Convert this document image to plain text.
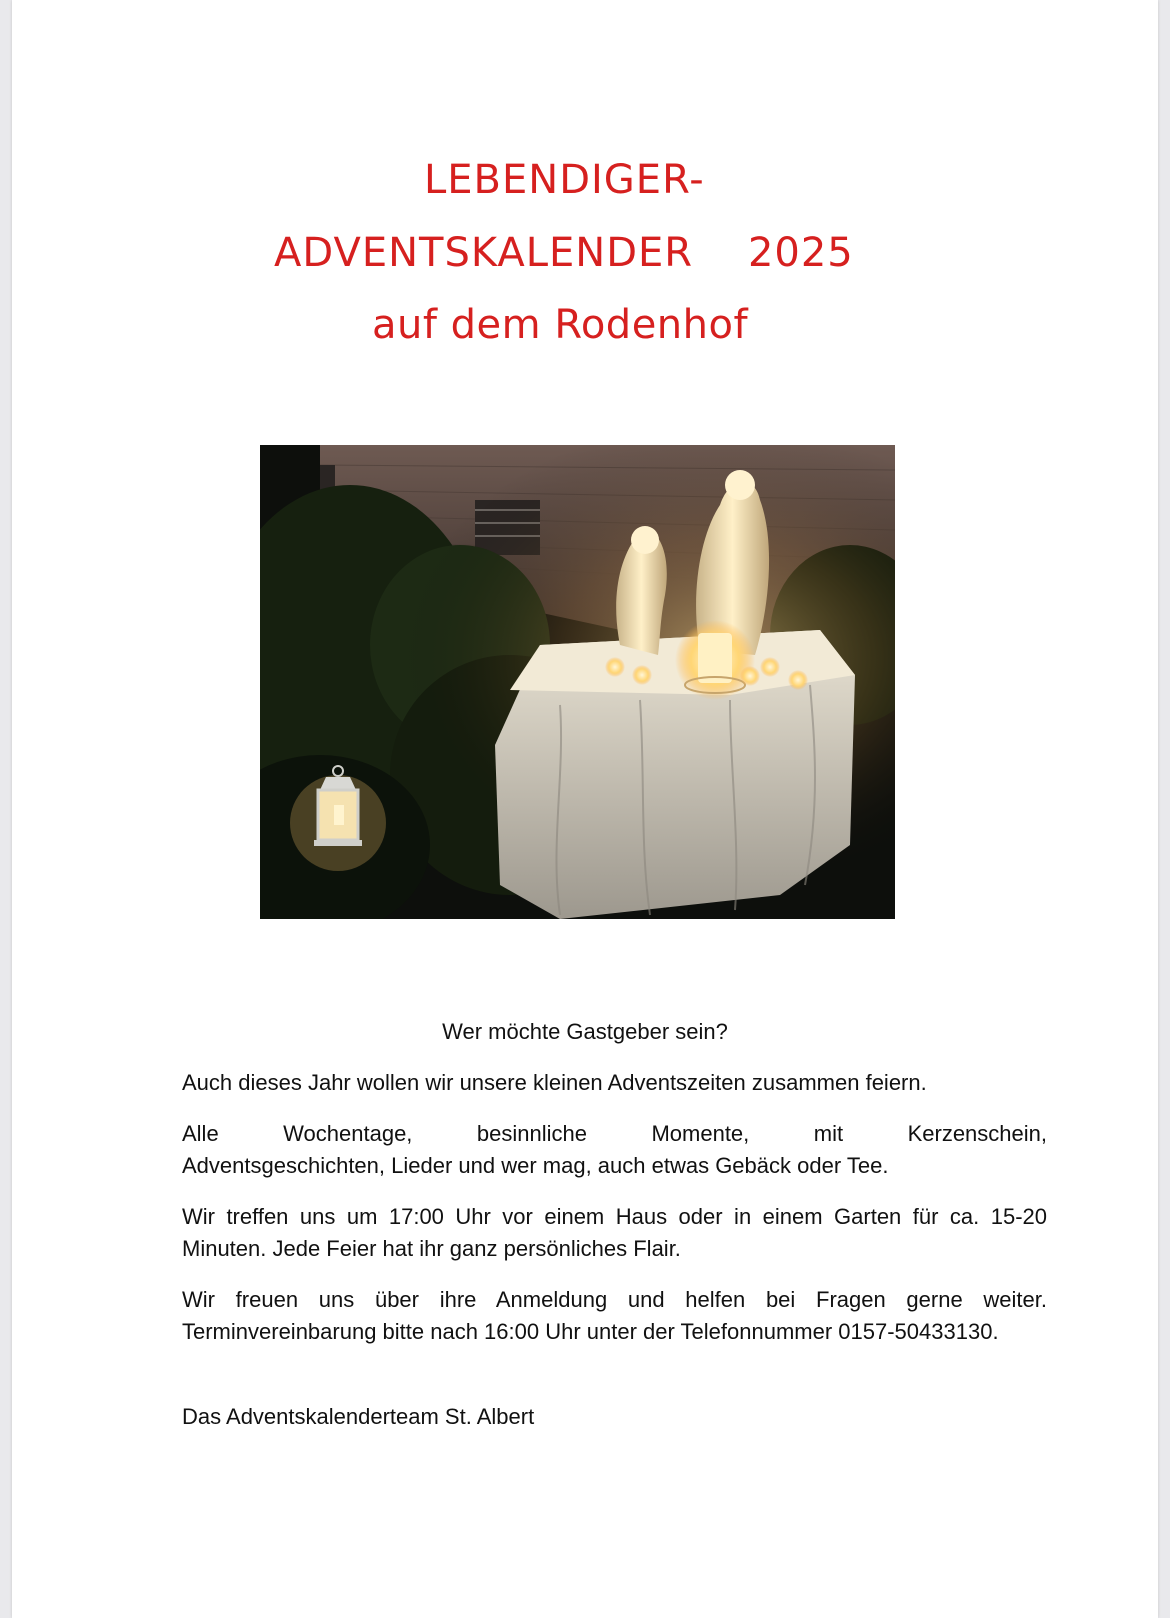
LEBENDIGER-
ADVENTSKALENDER    2025
auf dem Rodenhof
Wer möchte Gastgeber sein?
Auch dieses Jahr wollen wir unsere kleinen Adventszeiten zusammen feiern.
Alle Wochentage, besinnliche Momente, mit Kerzenschein,
Adventsgeschichten, Lieder und wer mag, auch etwas Gebäck oder Tee.
Wir treffen uns um 17:00 Uhr vor einem Haus oder in einem Garten für ca. 15-20 Minuten. Jede Feier hat ihr ganz persönliches Flair.
Wir freuen uns über ihre Anmeldung und helfen bei Fragen gerne weiter. Terminvereinbarung bitte nach 16:00 Uhr unter der Telefonnummer 0157-50433130.
Das Adventskalenderteam St. Albert
